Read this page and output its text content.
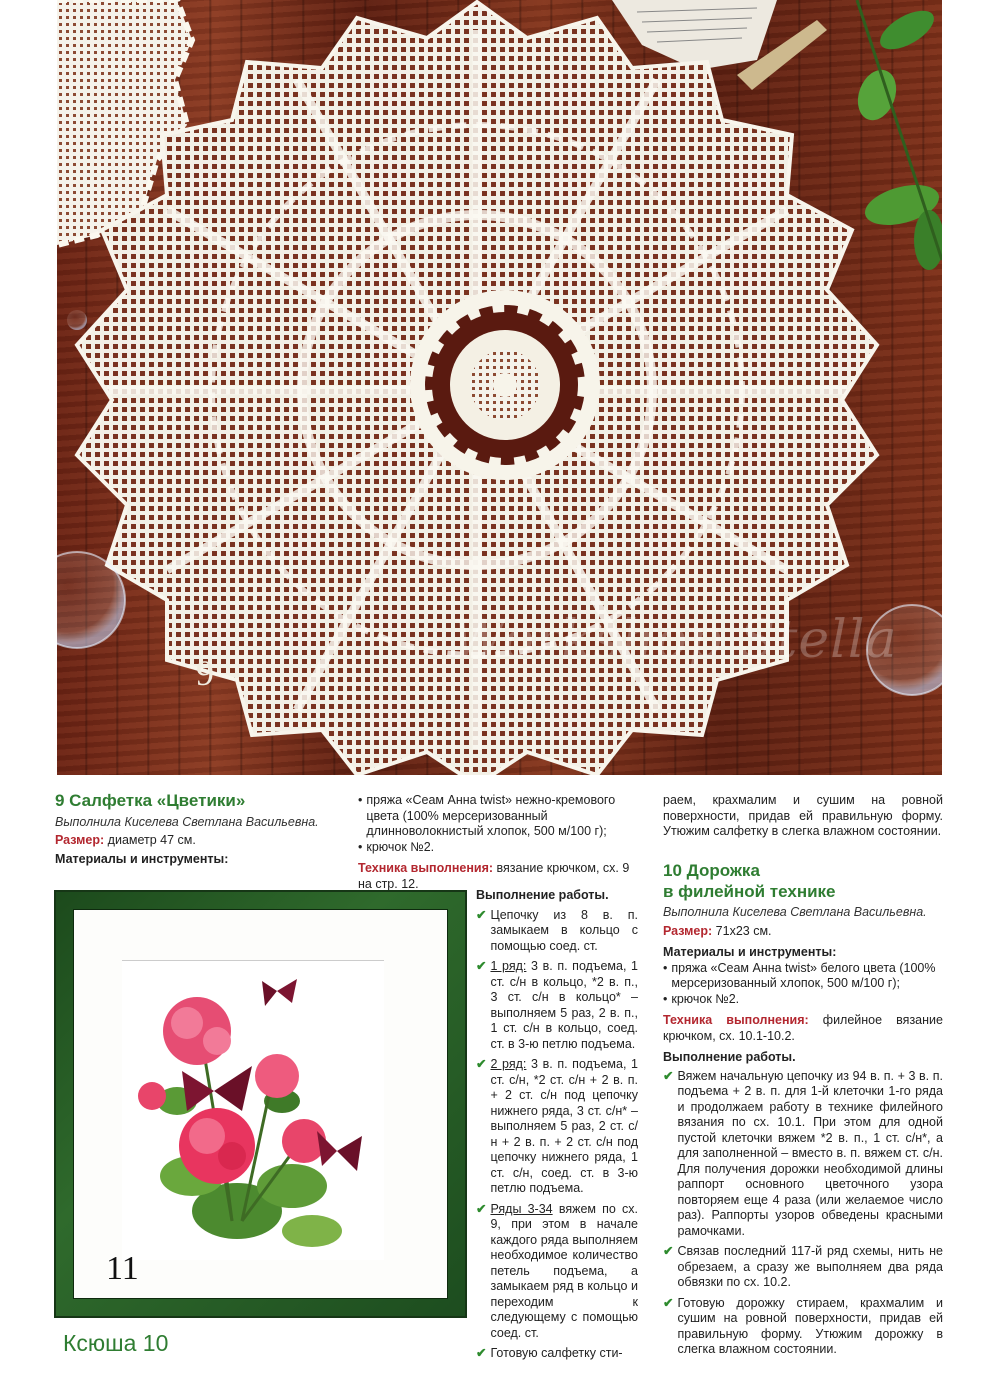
9
Workshop Stella
9 Салфетка «Цветики»
Выполнила Киселева Светлана Васильевна.
Размер: диаметр 47 см.
Материалы и инструменты:
• пряжа «Сеам Анна twist» нежно-кремового цвета (100% мерсеризованный длинноволокнистый хлопок, 500 м/100 г);
• крючок №2.
Техника выполнения: вязание крючком, сх. 9 на стр. 12.
11
Выполнение работы.
✔ Цепочку из 8 в. п. замыкаем в кольцо с помощью соед. ст.
✔ 1 ряд: 3 в. п. подъема, 1 ст. с/н в кольцо, *2 в. п., 3 ст. с/н в кольцо* – выполняем 5 раз, 2 в. п., 1 ст. с/н в кольцо, соед. ст. в 3-ю петлю подъема.
✔ 2 ряд: 3 в. п. подъема, 1 ст. с/н, *2 ст. с/н + 2 в. п. + 2 ст. с/н под цепочку нижнего ряда, 3 ст. с/н* – выполняем 5 раз, 2 ст. с/н + 2 в. п. + 2 ст. с/н под цепочку нижнего ряда, 1 ст. с/н, соед. ст. в 3-ю петлю подъема.
✔ Ряды 3-34 вяжем по сх. 9, при этом в начале каждого ряда выполняем необходимое количество петель подъема, а замыкаем ряд в кольцо и переходим к следующему с помощью соед. ст.
✔ Готовую салфетку сти-
раем, крахмалим и сушим на ровной поверхности, придав ей правильную форму. Утюжим салфетку в слегка влажном состоянии.
10 Дорожка
в филейной технике
Выполнила Киселева Светлана Васильевна.
Размер: 71x23 см.
Материалы и инструменты:
• пряжа «Сеам Анна twist» белого цвета (100% мерсеризованный хлопок, 500 м/100 г);
• крючок №2.
Техника выполнения: филейное вязание крючком, сх. 10.1-10.2.
Выполнение работы.
✔ Вяжем начальную цепочку из 94 в. п. + 3 в. п. подъема + 2 в. п. для 1-й клеточки 1-го ряда и продолжаем работу в технике филейного вязания по сх. 10.1. При этом для одной пустой клеточки вяжем *2 в. п., 1 ст. с/н*, а для заполненной – вместо в. п. вяжем ст. с/н. Для получения дорожки необходимой длины раппорт основного цветочного узора повторяем еще 4 раза (или желаемое число раз). Раппорты узоров обведены красными рамочками.
✔ Связав последний 117-й ряд схемы, нить не обрезаем, а сразу же выполняем два ряда обвязки по сх. 10.2.
✔ Готовую дорожку стираем, крахмалим и сушим на ровной поверхности, придав ей правильную форму. Утюжим дорожку в слегка влажном состоянии.
Ксюша 10
